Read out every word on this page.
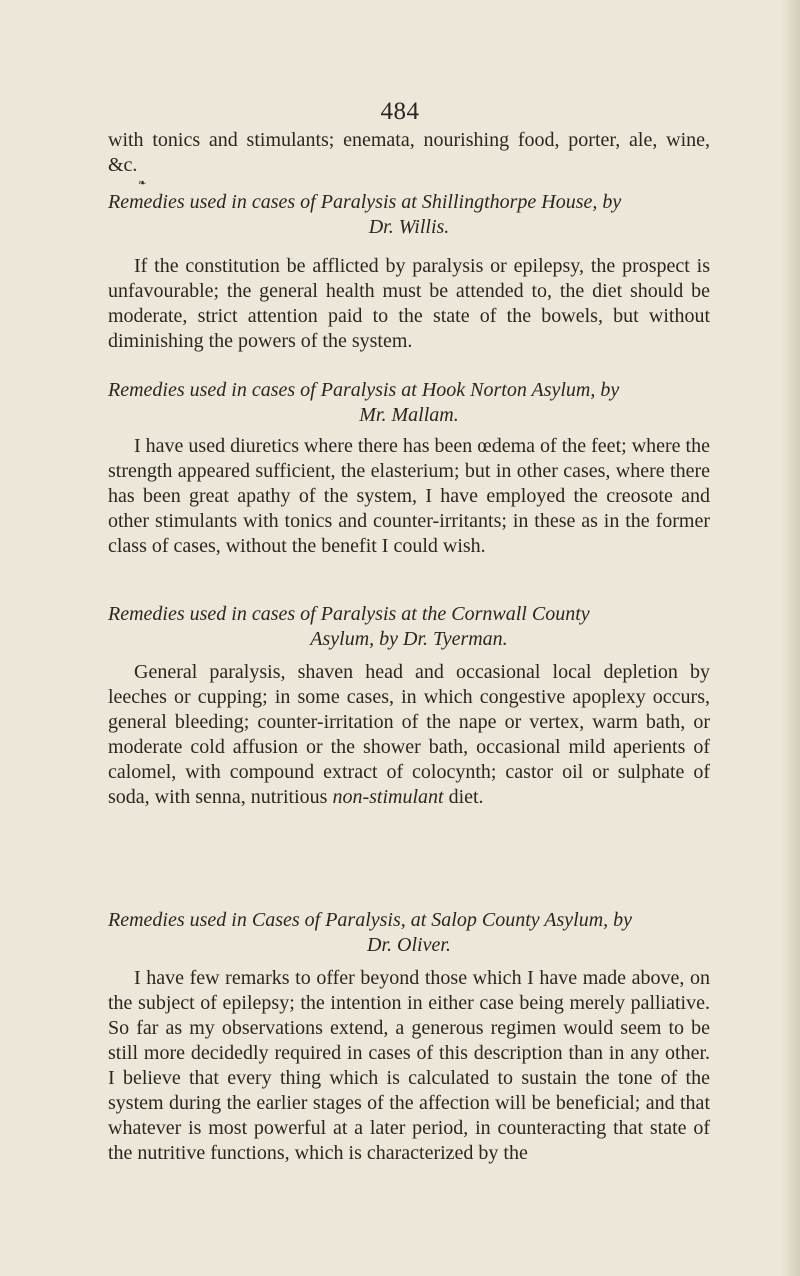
484

with tonics and stimulants; enemata, nourishing food, porter, ale, wine, &c.

❧
Remedies used in cases of Paralysis at Shillingthorpe House, by
Dr. Willis.

If the constitution be afflicted by paralysis or epilepsy, the prospect is unfavourable; the general health must be attended to, the diet should be moderate, strict attention paid to the state of the bowels, but without diminishing the powers of the system.

Remedies used in cases of Paralysis at Hook Norton Asylum, by
Mr. Mallam.

I have used diuretics where there has been œdema of the feet; where the strength appeared sufficient, the elasterium; but in other cases, where there has been great apathy of the system, I have employed the creosote and other stimulants with tonics and counter-irritants; in these as in the former class of cases, without the benefit I could wish.

Remedies used in cases of Paralysis at the Cornwall County
Asylum, by Dr. Tyerman.

General paralysis, shaven head and occasional local depletion by leeches or cupping; in some cases, in which congestive apoplexy occurs, general bleeding; counter-irritation of the nape or vertex, warm bath, or moderate cold affusion or the shower bath, occasional mild aperients of calomel, with compound extract of colocynth; castor oil or sulphate of soda, with senna, nutritious non-stimulant diet.

Remedies used in Cases of Paralysis, at Salop County Asylum, by
Dr. Oliver.

I have few remarks to offer beyond those which I have made above, on the subject of epilepsy; the intention in either case being merely palliative. So far as my observations extend, a generous regimen would seem to be still more decidedly required in cases of this description than in any other. I believe that every thing which is calculated to sustain the tone of the system during the earlier stages of the affection will be beneficial; and that whatever is most powerful at a later period, in counteracting that state of the nutritive functions, which is characterized by the
